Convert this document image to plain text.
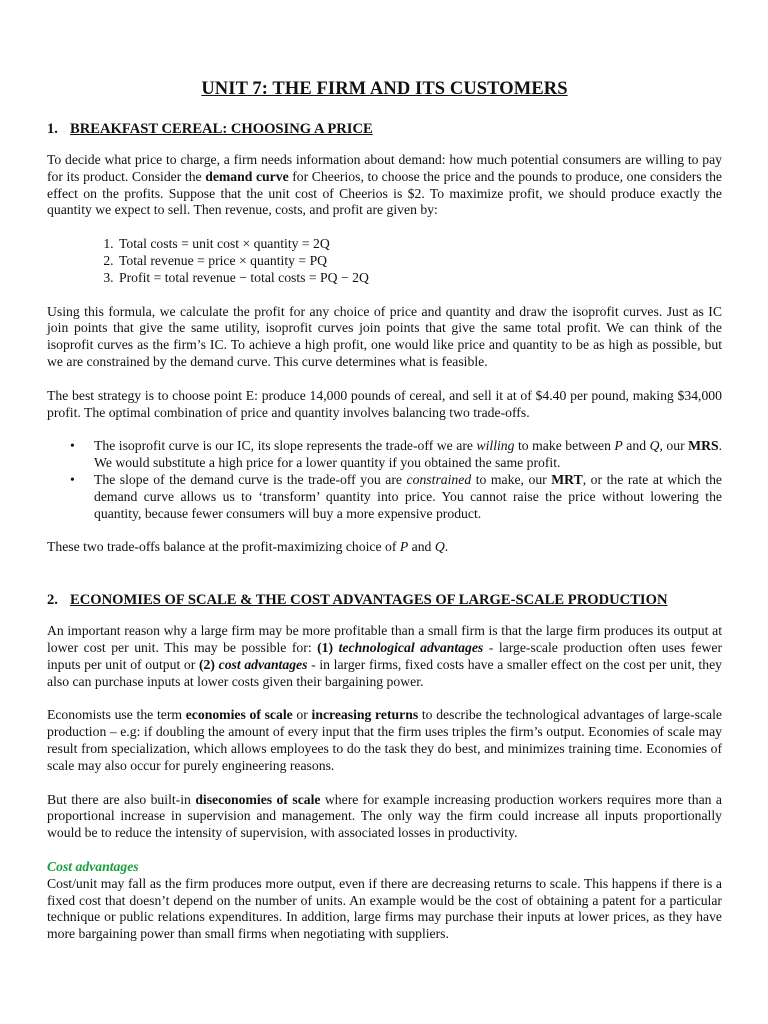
UNIT 7: THE FIRM AND ITS CUSTOMERS
1. BREAKFAST CEREAL: CHOOSING A PRICE

To decide what price to charge, a firm needs information about demand: how much potential consumers are willing to pay for its product. Consider the demand curve for Cheerios, to choose the price and the pounds to produce, one considers the effect on the profits. Suppose that the unit cost of Cheerios is $2. To maximize profit, we should produce exactly the quantity we expect to sell. Then revenue, costs, and profit are given by:

1. Total costs = unit cost × quantity = 2Q
2. Total revenue = price × quantity = PQ
3. Profit = total revenue − total costs = PQ − 2Q

Using this formula, we calculate the profit for any choice of price and quantity and draw the isoprofit curves. Just as IC join points that give the same utility, isoprofit curves join points that give the same total profit. We can think of the isoprofit curves as the firm’s IC. To achieve a high profit, one would like price and quantity to be as high as possible, but we are constrained by the demand curve. This curve determines what is feasible.

The best strategy is to choose point E: produce 14,000 pounds of cereal, and sell it at of $4.40 per pound, making $34,000 profit. The optimal combination of price and quantity involves balancing two trade-offs.

• The isoprofit curve is our IC, its slope represents the trade-off we are willing to make between P and Q, our MRS. We would substitute a high price for a lower quantity if you obtained the same profit.
• The slope of the demand curve is the trade-off you are constrained to make, our MRT, or the rate at which the demand curve allows us to ‘transform’ quantity into price. You cannot raise the price without lowering the quantity, because fewer consumers will buy a more expensive product.

These two trade-offs balance at the profit-maximizing choice of P and Q.

2. ECONOMIES OF SCALE & THE COST ADVANTAGES OF LARGE-SCALE PRODUCTION

An important reason why a large firm may be more profitable than a small firm is that the large firm produces its output at lower cost per unit. This may be possible for: (1) technological advantages - large-scale production often uses fewer inputs per unit of output or (2) cost advantages - in larger firms, fixed costs have a smaller effect on the cost per unit, they also can purchase inputs at lower costs given their bargaining power.

Economists use the term economies of scale or increasing returns to describe the technological advantages of large-scale production – e.g: if doubling the amount of every input that the firm uses triples the firm’s output. Economies of scale may result from specialization, which allows employees to do the task they do best, and minimizes training time. Economies of scale may also occur for purely engineering reasons.

But there are also built-in diseconomies of scale where for example increasing production workers requires more than a proportional increase in supervision and management. The only way the firm could increase all inputs proportionally would be to reduce the intensity of supervision, with associated losses in productivity.

Cost advantages

Cost/unit may fall as the firm produces more output, even if there are decreasing returns to scale. This happens if there is a fixed cost that doesn’t depend on the number of units. An example would be the cost of obtaining a patent for a particular technique or public relations expenditures. In addition, large firms may purchase their inputs at lower prices, as they have more bargaining power than small firms when negotiating with suppliers.
